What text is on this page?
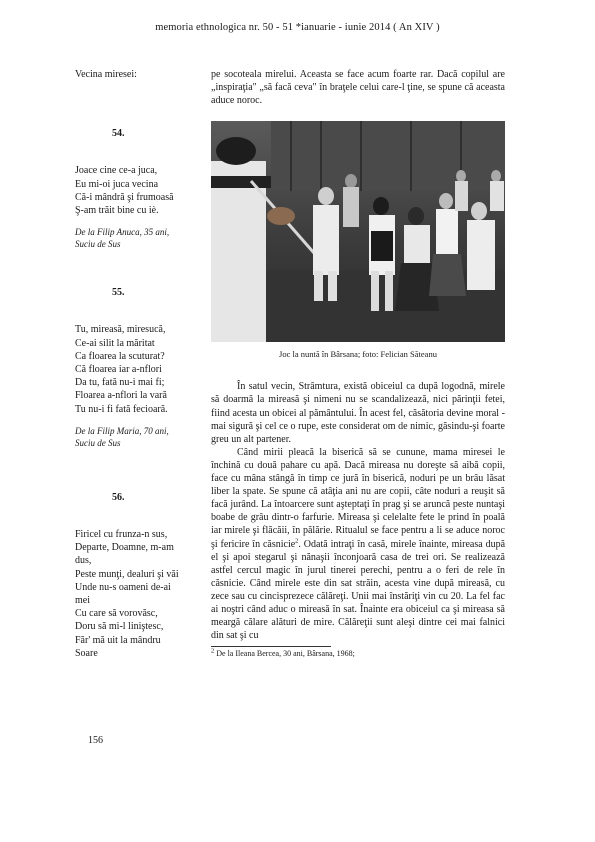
memoria ethnologica nr. 50 - 51 *ianuarie - iunie 2014 ( An XIV )
Vecina miresei:
54.
Joace cine ce-a juca,
Eu mi-oi juca vecina
Că-i mândră şi frumoasă
Ş-am trăit bine cu iè.
De la Filip Anuca, 35 ani,
Suciu de Sus
55.
Tu, mireasă, miresucă,
Ce-ai silit la măritat
Ca floarea la scuturat?
Că floarea iar a-nflori
Da tu, fată nu-i mai fi;
Floarea a-nflori la vară
Tu nu-i fi fată fecioară.
De la Filip Maria, 70 ani,
Suciu de Sus
56.
Firicel cu frunza-n sus,
Departe, Doamne, m-am
dus,
Peste munţi, dealuri şi văi
Unde nu-s oameni de-ai
mei
Cu care să vorovăsc,
Doru să mi-l liniştesc,
Făr' mă uit la mândru
Soare

pe socoteala mirelui. Aceasta se face acum foarte rar. Dacă copilul are „inspiraţia" „să facă ceva" în braţele celui care-l ţine, se spune că aceasta aduce noroc.

Joc la nuntă în Bârsana; foto: Felician Săteanu

În satul vecin, Strâmtura, există obiceiul ca după logodnă, mirele să doarmă la mireasă şi nimeni nu se scandalizează, nici părinţii fetei, fiind acesta un obicei al pământului. În acest fel, căsătoria devine moral - mai sigură şi cel ce o rupe, este considerat om de nimic, găsindu-şi foarte greu un alt partener.

Când mirii pleacă la biserică să se cunune, mama miresei le închină cu două pahare cu apă. Dacă mireasa nu doreşte să aibă copii, face cu mâna stângă în timp ce jură în biserică, noduri pe un brâu lăsat liber la spate. Se spune că atâţia ani nu are copii, câte noduri a reuşit să facă jurând. La întoarcere sunt aşteptaţi în prag şi se aruncă peste nuntaşi boabe de grâu dintr-o farfurie. Mireasa şi celelalte fete le prind în poală iar mirele şi flăcăii, în pălărie. Ritualul se face pentru a li se aduce noroc şi fericire în căsnicie$^2$. Odată intraţi în casă, mirele înainte, mireasa după el şi apoi stegarul şi nănaşii înconjoară casa de trei ori. Se realizează astfel cercul magic în jurul tinerei perechi, pentru a o feri de rele în căsnicie. Când mirele este din sat străin, acesta vine după mireasă, cu zece sau cu cincisprezece călăreţi. Unii mai înstăriţi vin cu 20. La fel fac ai noştri când aduc o mireasă în sat. Înainte era obiceiul ca şi mireasa să meargă călare alături de mire. Călăreţii sunt aleşi dintre cei mai falnici din sat şi cu

$^2$ De la Ileana Bercea, 30 ani, Bârsana, 1968;
156
